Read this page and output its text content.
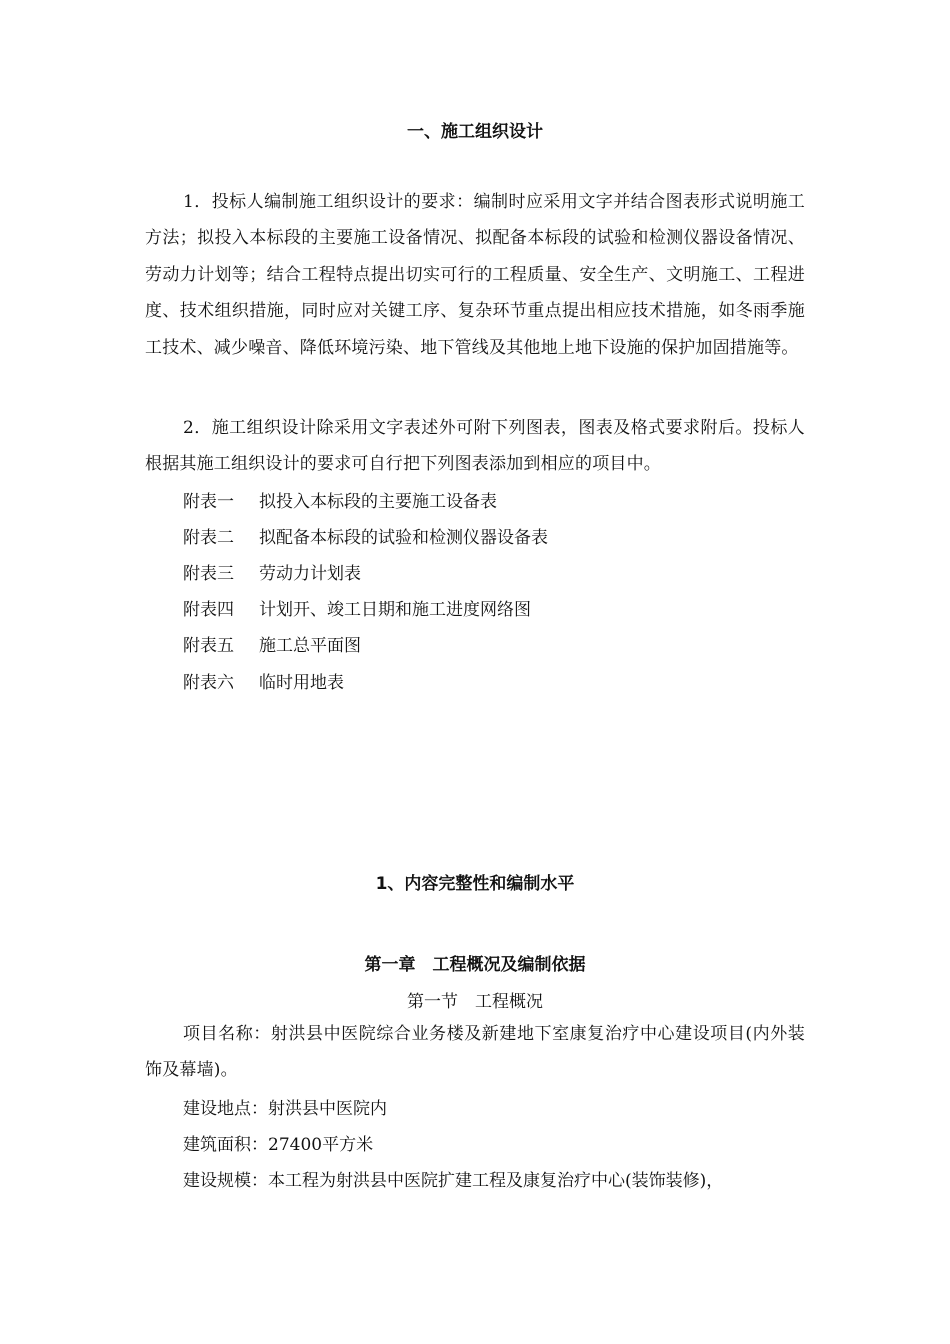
一、施工组织设计
1．投标人编制施工组织设计的要求：编制时应采用文字并结合图表形式说明施工方法；拟投入本标段的主要施工设备情况、拟配备本标段的试验和检测仪器设备情况、劳动力计划等；结合工程特点提出切实可行的工程质量、安全生产、文明施工、工程进度、技术组织措施，同时应对关键工序、复杂环节重点提出相应技术措施，如冬雨季施工技术、减少噪音、降低环境污染、地下管线及其他地上地下设施的保护加固措施等。
2．施工组织设计除采用文字表述外可附下列图表，图表及格式要求附后。投标人根据其施工组织设计的要求可自行把下列图表添加到相应的项目中。
附表一 拟投入本标段的主要施工设备表
附表二 拟配备本标段的试验和检测仪器设备表
附表三 劳动力计划表
附表四 计划开、竣工日期和施工进度网络图
附表五 施工总平面图
附表六 临时用地表
1、内容完整性和编制水平
第一章　工程概况及编制依据
第一节　工程概况
项目名称：射洪县中医院综合业务楼及新建地下室康复治疗中心建设项目(内外装饰及幕墙)。
建设地点：射洪县中医院内
建筑面积：27400平方米
建设规模：本工程为射洪县中医院扩建工程及康复治疗中心(装饰装修)，
